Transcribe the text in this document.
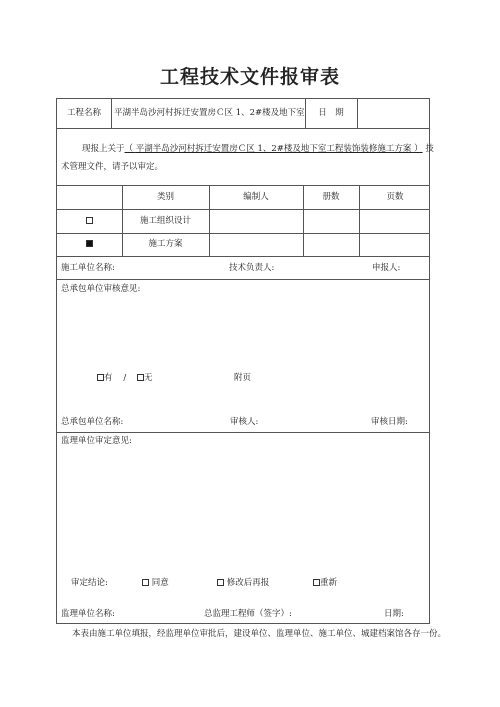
工程技术文件报审表
工程名称	平湖半岛沙河村拆迁安置房Ｃ区 1、2#楼及地下室	日　期
现报上关于（ 平湖半岛沙河村拆迁安置房Ｃ区 1、2#楼及地下室工程装饰装修施工方案 ） 技
术管理文件，请予以审定。
类别	编制人	册数	页数
施工组织设计
施工方案
施工单位名称:	技术负责人:	申报人:
总承包单位审核意见:
有 / 无	附页
总承包单位名称:	审核人:	审核日期:
监理单位审定意见:
审定结论:	同意	修改后再报	重新
监理单位名称:	总监理工程师（签字）:	日期:
本表由施工单位填报，经监理单位审批后，建设单位、监理单位、施工单位、城建档案馆各存一份。
